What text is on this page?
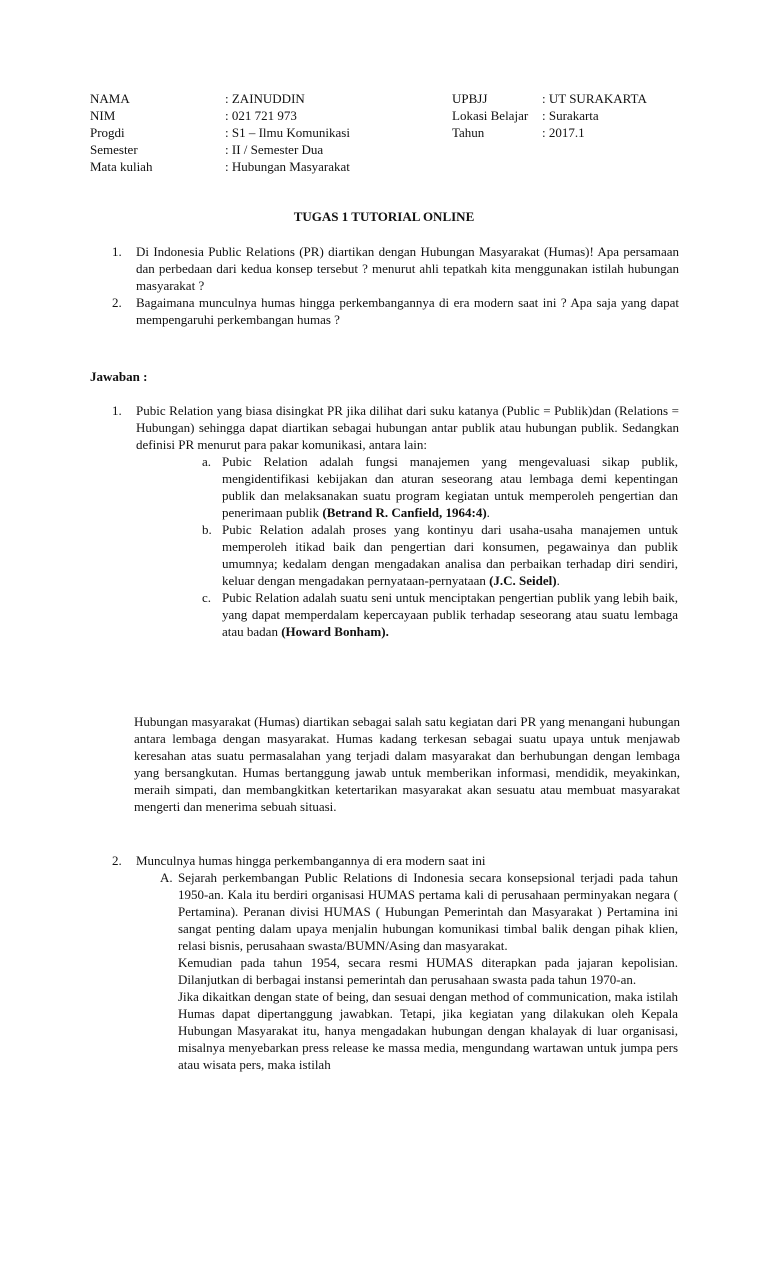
NAMA	: ZAINUDDIN
NIM	: 021 721 973
Progdi	: S1 – Ilmu Komunikasi
Semester	: II / Semester Dua
Mata kuliah	: Hubungan Masyarakat
UPBJJ	: UT SURAKARTA
Lokasi Belajar	: Surakarta
Tahun	: 2017.1
TUGAS 1 TUTORIAL ONLINE
1.	Di Indonesia Public Relations (PR) diartikan dengan Hubungan Masyarakat (Humas)! Apa persamaan dan perbedaan dari kedua konsep tersebut ? menurut ahli tepatkah kita menggunakan istilah hubungan masyarakat ?
2.	Bagaimana munculnya humas hingga perkembangannya di era modern saat ini ? Apa saja yang dapat mempengaruhi perkembangan humas ?
Jawaban :
1.	Pubic Relation yang biasa disingkat PR jika dilihat dari suku katanya (Public = Publik)dan (Relations = Hubungan) sehingga dapat diartikan sebagai hubungan antar publik atau hubungan publik. Sedangkan definisi PR menurut para pakar komunikasi, antara lain:
a. Pubic Relation adalah fungsi manajemen yang mengevaluasi sikap publik, mengidentifikasi kebijakan dan aturan seseorang atau lembaga demi kepentingan publik dan melaksanakan suatu program kegiatan untuk memperoleh pengertian dan penerimaan publik (Betrand R. Canfield, 1964:4).
b. Pubic Relation adalah proses yang kontinyu dari usaha-usaha manajemen untuk memperoleh itikad baik dan pengertian dari konsumen, pegawainya dan publik umumnya; kedalam dengan mengadakan analisa dan perbaikan terhadap diri sendiri, keluar dengan mengadakan pernyataan-pernyataan (J.C. Seidel).
c. Pubic Relation adalah suatu seni untuk menciptakan pengertian publik yang lebih baik, yang dapat memperdalam kepercayaan publik terhadap seseorang atau suatu lembaga atau badan (Howard Bonham).
Hubungan masyarakat (Humas) diartikan sebagai salah satu kegiatan dari PR yang menangani hubungan antara lembaga dengan masyarakat. Humas kadang terkesan sebagai suatu upaya untuk menjawab keresahan atas suatu permasalahan yang terjadi dalam masyarakat dan berhubungan dengan lembaga yang bersangkutan. Humas bertanggung jawab untuk memberikan informasi, mendidik, meyakinkan, meraih simpati, dan membangkitkan ketertarikan masyarakat akan sesuatu atau membuat masyarakat mengerti dan menerima sebuah situasi.
2.	Munculnya humas hingga perkembangannya di era modern saat ini
A. Sejarah perkembangan Public Relations di Indonesia secara konsepsional terjadi pada tahun 1950-an. Kala itu berdiri organisasi HUMAS pertama kali di perusahaan perminyakan negara ( Pertamina). Peranan divisi HUMAS ( Hubungan Pemerintah dan Masyarakat ) Pertamina ini sangat penting dalam upaya menjalin hubungan komunikasi timbal balik dengan pihak klien, relasi bisnis, perusahaan swasta/BUMN/Asing dan masyarakat.
Kemudian pada tahun 1954, secara resmi HUMAS diterapkan pada jajaran kepolisian. Dilanjutkan di berbagai instansi pemerintah dan perusahaan swasta pada tahun 1970-an.
Jika dikaitkan dengan state of being, dan sesuai dengan method of communication, maka istilah Humas dapat dipertanggung jawabkan. Tetapi, jika kegiatan yang dilakukan oleh Kepala Hubungan Masyarakat itu, hanya mengadakan hubungan dengan khalayak di luar organisasi, misalnya menyebarkan press release ke massa media, mengundang wartawan untuk jumpa pers atau wisata pers, maka istilah
